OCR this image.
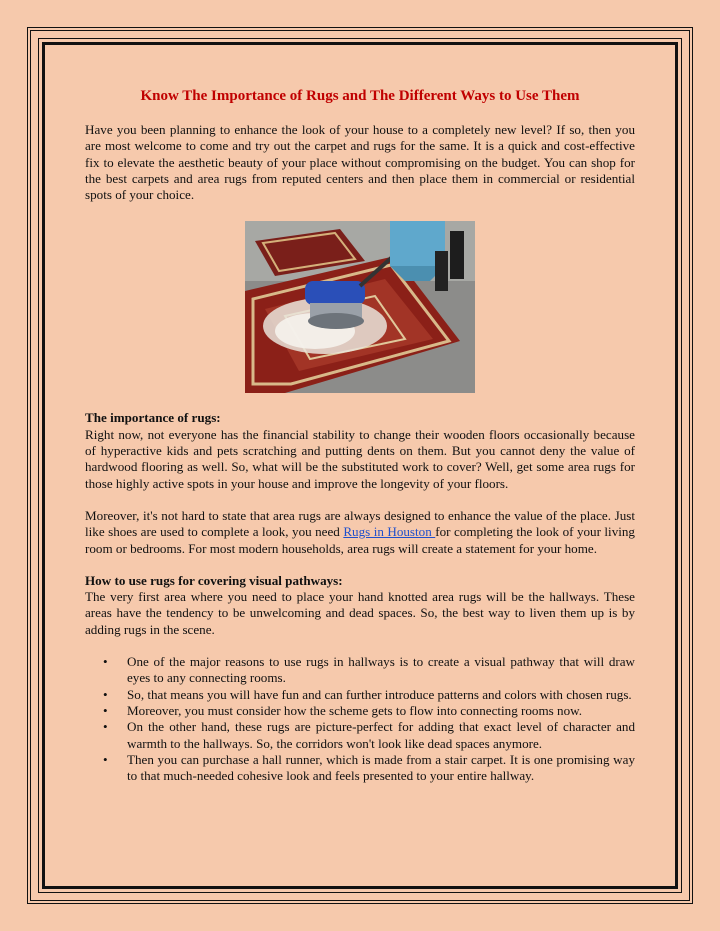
Know The Importance of Rugs and The Different Ways to Use Them

Have you been planning to enhance the look of your house to a completely new level? If so, then you are most welcome to come and try out the carpet and rugs for the same. It is a quick and cost-effective fix to elevate the aesthetic beauty of your place without compromising on the budget. You can shop for the best carpets and area rugs from reputed centers and then place them in commercial or residential spots of your choice.

The importance of rugs:

Right now, not everyone has the financial stability to change their wooden floors occasionally because of hyperactive kids and pets scratching and putting dents on them. But you cannot deny the value of hardwood flooring as well. So, what will be the substituted work to cover? Well, get some area rugs for those highly active spots in your house and improve the longevity of your floors.

Moreover, it's not hard to state that area rugs are always designed to enhance the value of the place. Just like shoes are used to complete a look, you need Rugs in Houston for completing the look of your living room or bedrooms. For most modern households, area rugs will create a statement for your home.

How to use rugs for covering visual pathways:

The very first area where you need to place your hand knotted area rugs will be the hallways. These areas have the tendency to be unwelcoming and dead spaces. So, the best way to liven them up is by adding rugs in the scene.

• One of the major reasons to use rugs in hallways is to create a visual pathway that will draw eyes to any connecting rooms.
• So, that means you will have fun and can further introduce patterns and colors with chosen rugs.
• Moreover, you must consider how the scheme gets to flow into connecting rooms now.
• On the other hand, these rugs are picture-perfect for adding that exact level of character and warmth to the hallways. So, the corridors won't look like dead spaces anymore.
• Then you can purchase a hall runner, which is made from a stair carpet. It is one promising way to that much-needed cohesive look and feels presented to your entire hallway.
